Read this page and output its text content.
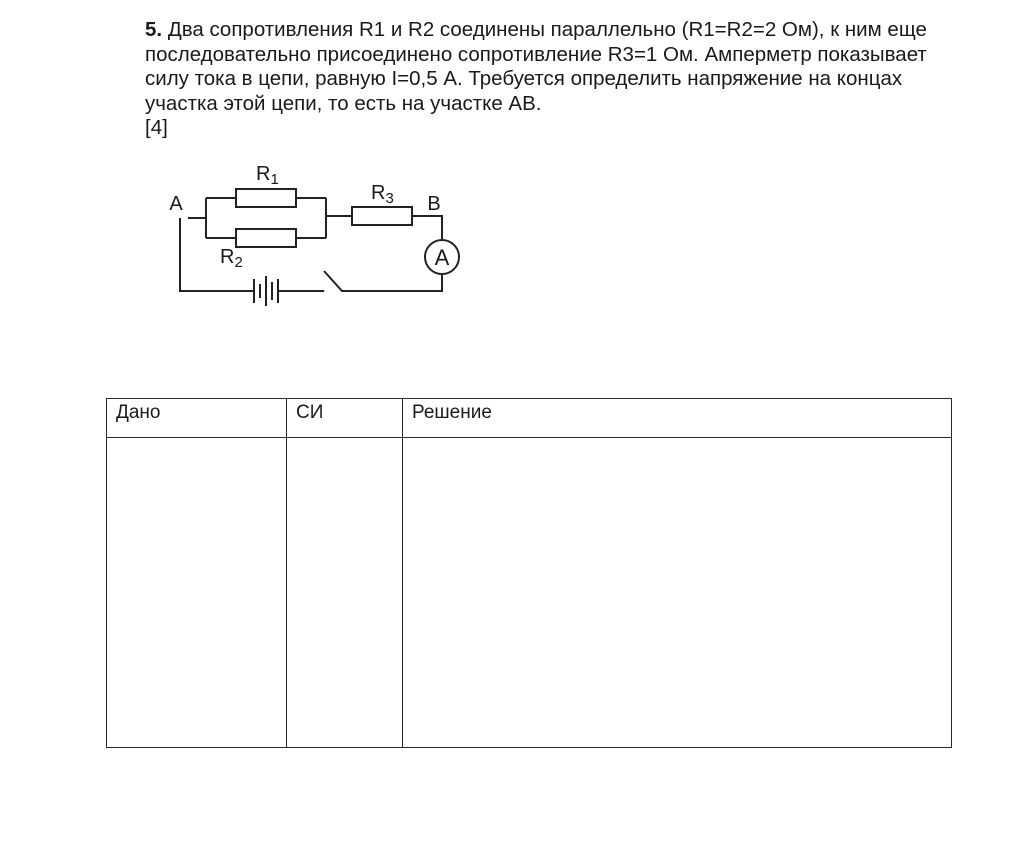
5. Два сопротивления R1 и R2 соединены параллельно (R1=R2=2 Ом), к ним еще последовательно присоединено сопротивление R3=1 Ом. Амперметр показывает силу тока в цепи, равную I=0,5 А. Требуется определить напряжение на концах участка этой цепи, то есть на участке АВ.

[4]

A
A	B
$R_1$
$R_2$
$R_3$
Дано	СИ	Решение
